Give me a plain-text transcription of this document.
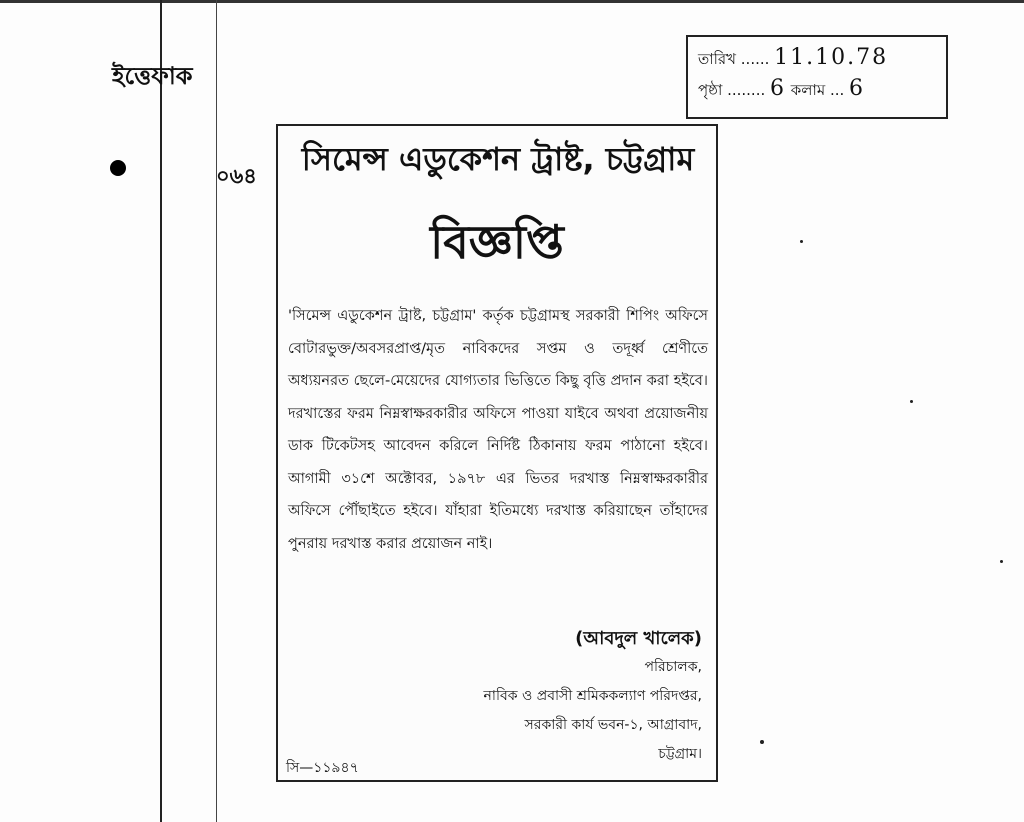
ইত্তেফাক
০৬৪
তারিখ ...... 11.10.78
পৃষ্ঠা ........ 6 কলাম ... 6
সিমেন্স এডুকেশন ট্রাষ্ট, চট্টগ্রাম
বিজ্ঞপ্তি
'সিমেন্স এডুকেশন ট্রাষ্ট, চট্টগ্রাম' কর্তৃক চট্টগ্রামস্থ সরকারী শিপিং অফিসে বোটারভুক্ত/অবসরপ্রাপ্ত/মৃত নাবিকদের সপ্তম ও তদূর্ধ্ব শ্রেণীতে অধ্যয়নরত ছেলে-মেয়েদের যোগ্যতার ভিত্তিতে কিছু বৃত্তি প্রদান করা হইবে। দরখাস্তের ফরম নিম্নস্বাক্ষরকারীর অফিসে পাওয়া যাইবে অথবা প্রয়োজনীয় ডাক টিকেটসহ আবেদন করিলে নির্দিষ্ট ঠিকানায় ফরম পাঠানো হইবে। আগামী ৩১শে অক্টোবর, ১৯৭৮ এর ভিতর দরখাস্ত নিম্নস্বাক্ষরকারীর অফিসে পৌঁছাইতে হইবে। যাঁহারা ইতিমধ্যে দরখাস্ত করিয়াছেন তাঁহাদের পুনরায় দরখাস্ত করার প্রয়োজন নাই।
(আবদুল খালেক)
পরিচালক,
নাবিক ও প্রবাসী শ্রমিককল্যাণ পরিদপ্তর,
সরকারী কার্য ভবন-১, আগ্রাবাদ,
চট্টগ্রাম।
সি—১১৯৪৭
